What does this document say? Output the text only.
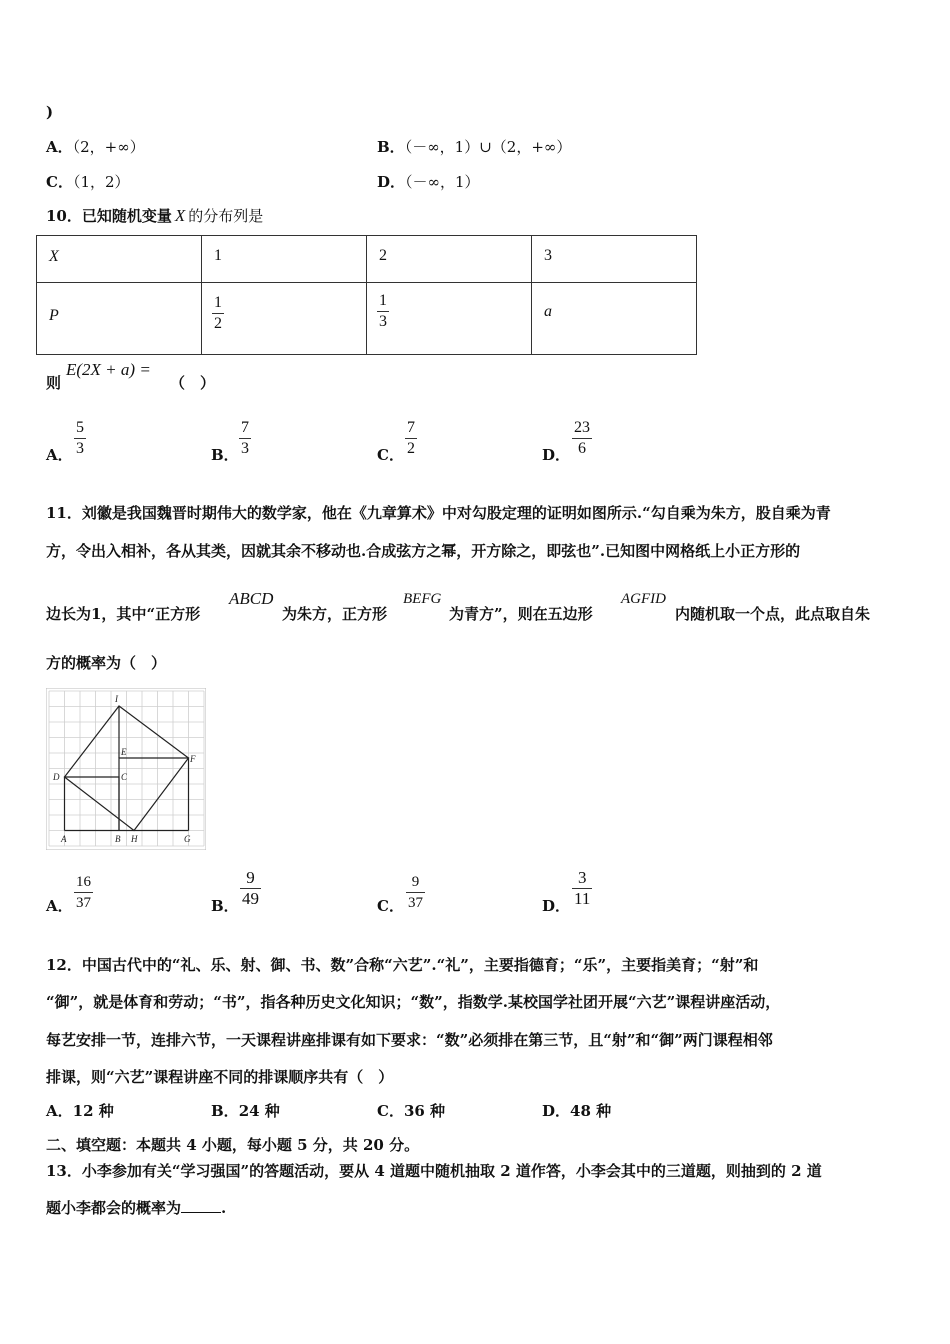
)
A．（2，+∞）	B．（－∞，1）∪（2，+∞）
C．（1，2）	D．（－∞，1）
10．已知随机变量 X 的分布列是
X	1	2	3

P	$\frac{1}{2}$	$\frac{1}{3}$	a
则
E(2X + a) =
（　）
A． $\frac{5}{3}$	B． $\frac{7}{3}$	C． $\frac{7}{2}$	D． $\frac{23}{6}$
11．刘徽是我国魏晋时期伟大的数学家，他在《九章算术》中对勾股定理的证明如图所示.“勾自乘为朱方，股自乘为青
方，令出入相补，各从其类，因就其余不移动也.合成弦方之幂，开方除之，即弦也”.已知图中网格纸上小正方形的
边长为1，其中“正方形
ABCD
为朱方，正方形
BEFG
为青方”，则在五边形
AGFID
内随机取一个点，此点取自朱
方的概率为（　）
I
E
D	C
F
A	B H	G
A． $\frac{16}{37}$	B． $\frac{9}{49}$	C． $\frac{9}{37}$	D． $\frac{3}{11}$
12．中国古代中的“礼、乐、射、御、书、数”合称“六艺”.“礼”，主要指德育；“乐”，主要指美育；“射”和
“御”，就是体育和劳动；“书”，指各种历史文化知识；“数”，指数学.某校国学社团开展“六艺”课程讲座活动，
每艺安排一节，连排六节，一天课程讲座排课有如下要求：“数”必须排在第三节，且“射”和“御”两门课程相邻
排课，则“六艺”课程讲座不同的排课顺序共有（　）
A．12 种	B．24 种	C．36 种	D．48 种
二、填空题：本题共 4 小题，每小题 5 分，共 20 分。
13．小李参加有关“学习强国”的答题活动，要从 4 道题中随机抽取 2 道作答，小李会其中的三道题，则抽到的 2 道
题小李都会的概率为	.
